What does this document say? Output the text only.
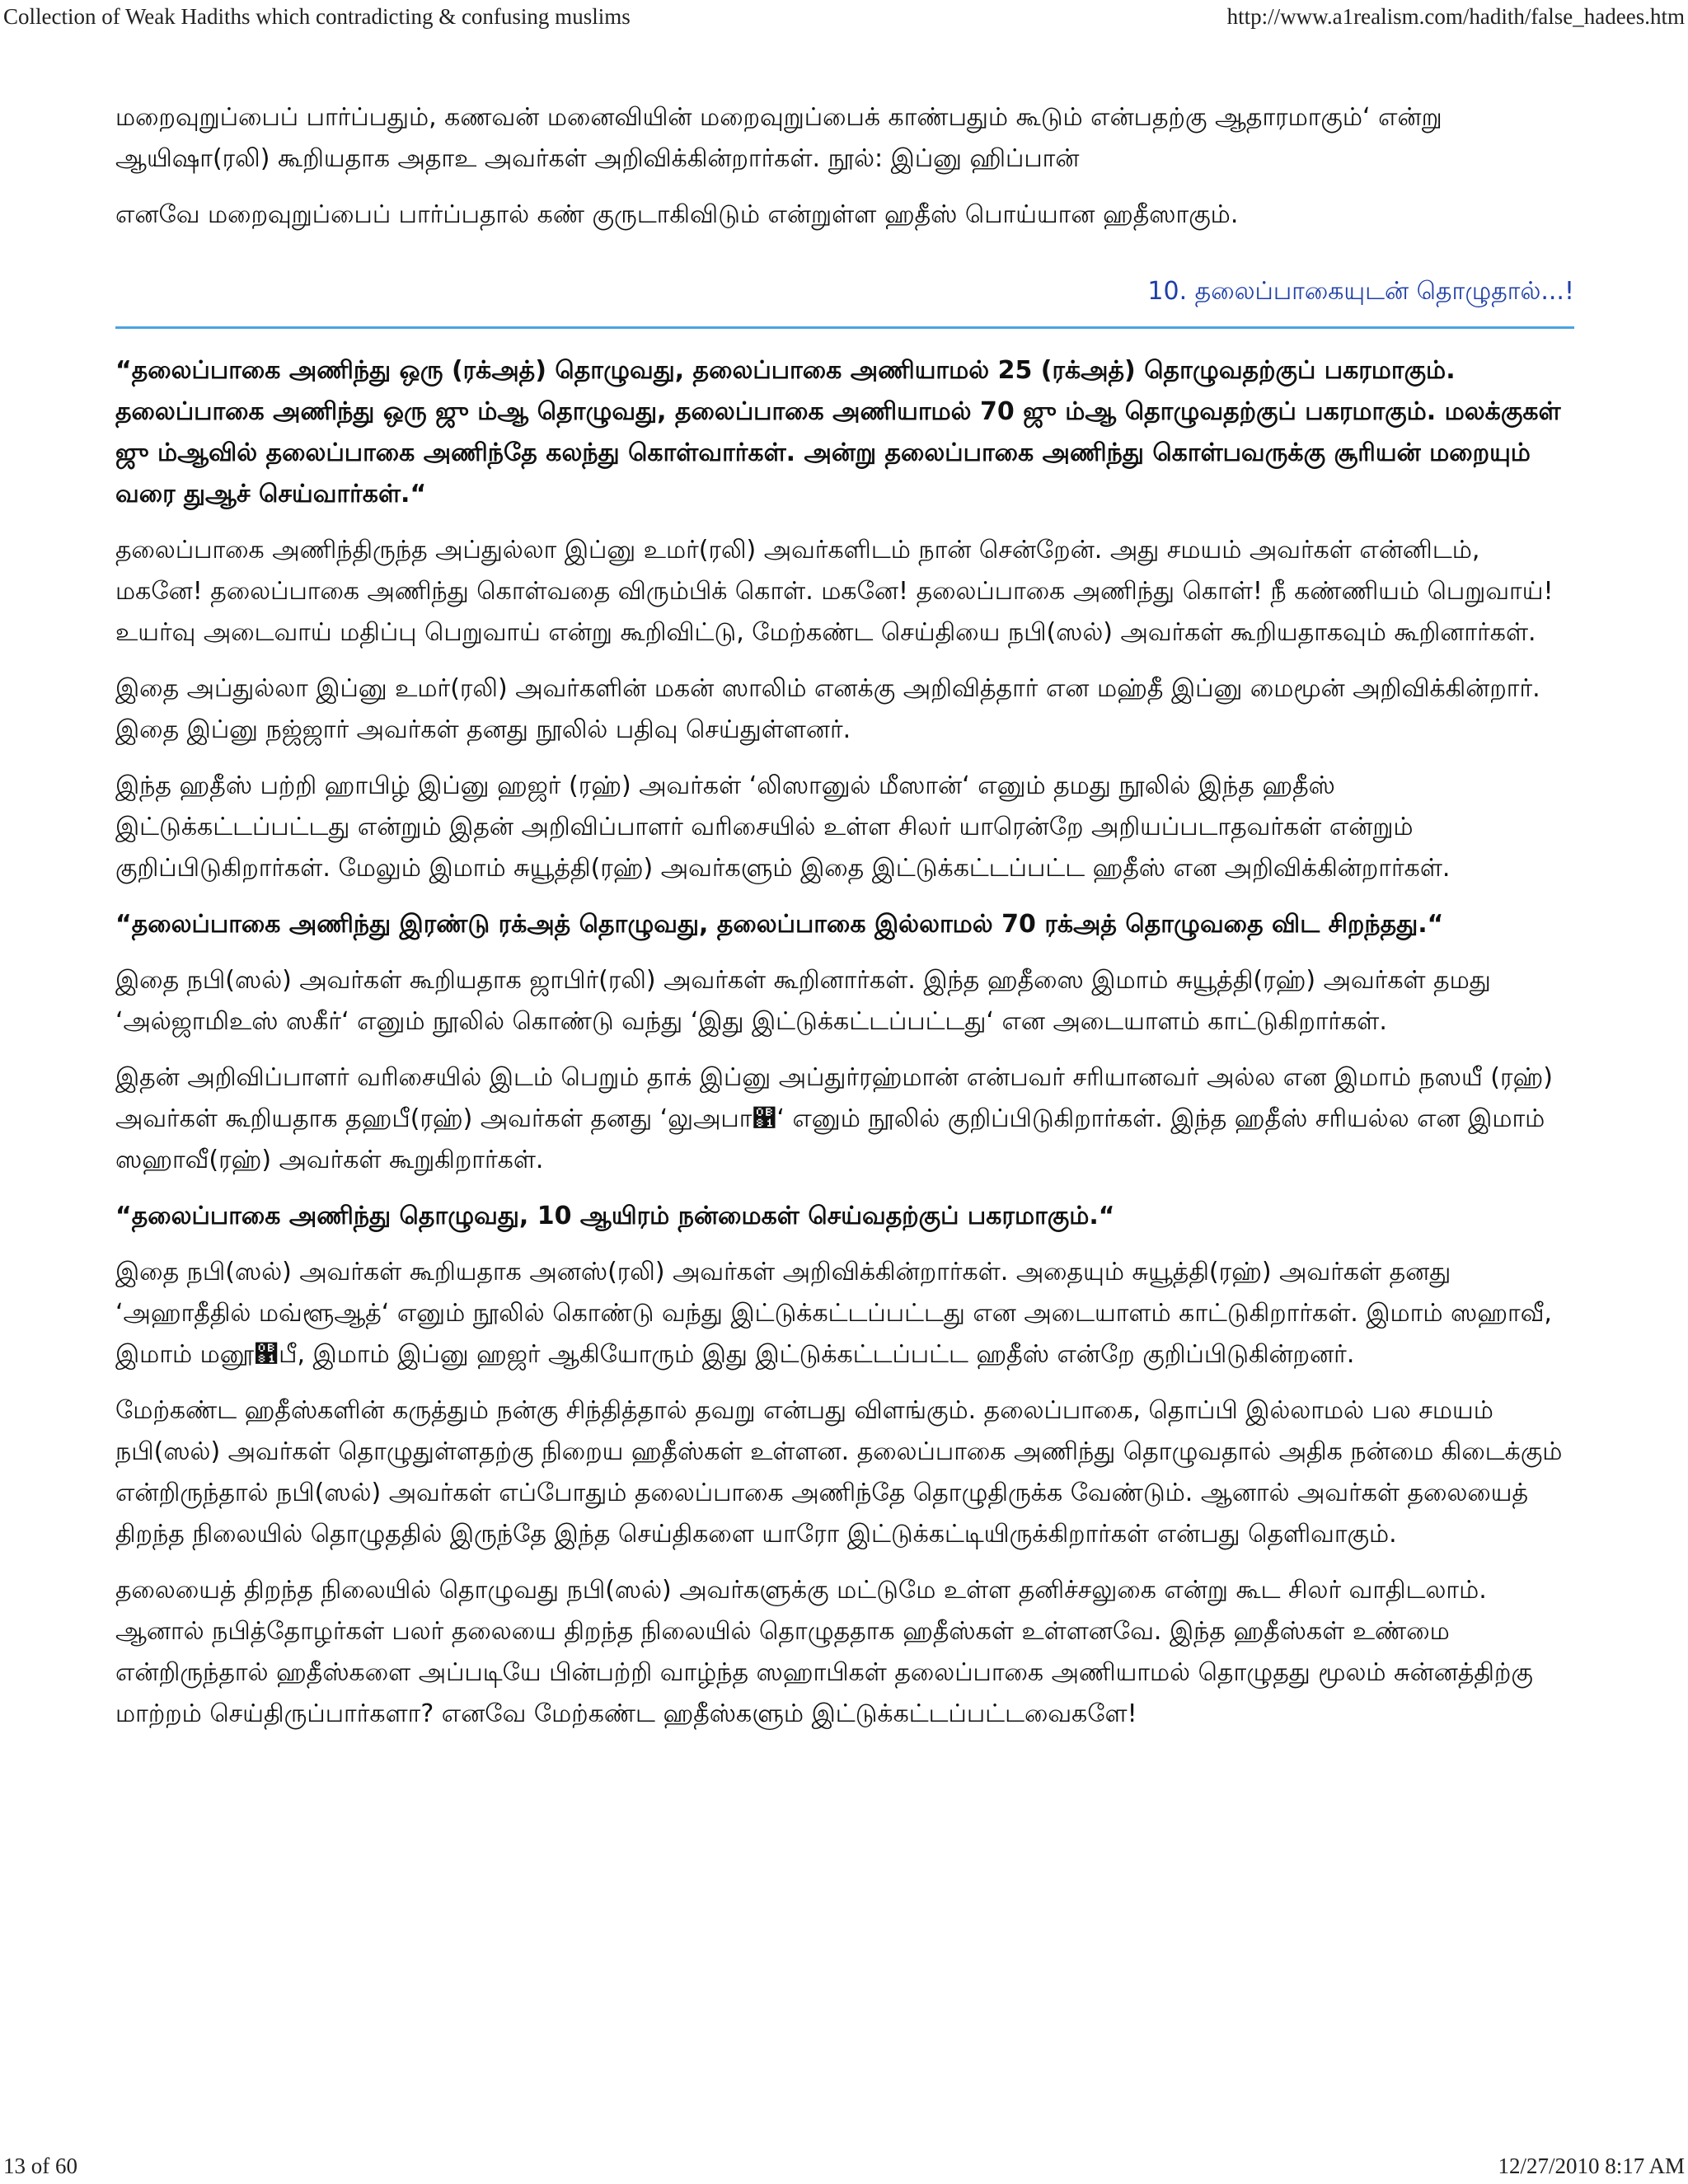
Collection of Weak Hadiths which contradicting & confusing muslims	http://www.a1realism.com/hadith/false_hadees.htm

மறைவுறுப்பைப் பார்ப்பதும், கணவன் மனைவியின் மறைவுறுப்பைக் காண்பதும் கூடும் என்பதற்கு ஆதாரமாகும்‘ என்று ஆயிஷா(ரலி) கூறியதாக அதாஉ அவர்கள் அறிவிக்கின்றார்கள். நூல்: இப்னு ஹிப்பான்

எனவே மறைவுறுப்பைப் பார்ப்பதால் கண் குருடாகிவிடும் என்றுள்ள ஹதீஸ் பொய்யான ஹதீஸாகும்.

10. தலைப்பாகையுடன் தொழுதால்...!

“தலைப்பாகை அணிந்து ஒரு (ரக்அத்) தொழுவது, தலைப்பாகை அணியாமல் 25 (ரக்அத்) தொழுவதற்குப் பகரமாகும். தலைப்பாகை அணிந்து ஒரு ஜு ம்ஆ தொழுவது, தலைப்பாகை அணியாமல் 70 ஜு ம்ஆ தொழுவதற்குப் பகரமாகும். மலக்குகள் ஜு ம்ஆவில் தலைப்பாகை அணிந்தே கலந்து கொள்வார்கள். அன்று தலைப்பாகை அணிந்து கொள்பவருக்கு சூரியன் மறையும் வரை துஆச் செய்வார்கள்.“

தலைப்பாகை அணிந்திருந்த அப்துல்லா இப்னு உமர்(ரலி) அவர்களிடம் நான் சென்றேன். அது சமயம் அவர்கள் என்னிடம், மகனே! தலைப்பாகை அணிந்து கொள்வதை விரும்பிக் கொள். மகனே! தலைப்பாகை அணிந்து கொள்! நீ கண்ணியம் பெறுவாய்! உயர்வு அடைவாய் மதிப்பு பெறுவாய் என்று கூறிவிட்டு, மேற்கண்ட செய்தியை நபி(ஸல்) அவர்கள் கூறியதாகவும் கூறினார்கள்.

இதை அப்துல்லா இப்னு உமர்(ரலி) அவர்களின் மகன் ஸாலிம் எனக்கு அறிவித்தார் என மஹ்தீ இப்னு மைமூன் அறிவிக்கின்றார். இதை இப்னு நஜ்ஜார் அவர்கள் தனது நூலில் பதிவு செய்துள்ளனர்.

இந்த ஹதீஸ் பற்றி ஹாபிழ் இப்னு ஹஜர் (ரஹ்) அவர்கள் ‘லிஸானுல் மீஸான்‘ எனும் தமது நூலில் இந்த ஹதீஸ் இட்டுக்கட்டப்பட்டது என்றும் இதன் அறிவிப்பாளர் வரிசையில் உள்ள சிலர் யாரென்றே அறியப்படாதவர்கள் என்றும் குறிப்பிடுகிறார்கள். மேலும் இமாம் சுயூத்தி(ரஹ்) அவர்களும் இதை இட்டுக்கட்டப்பட்ட ஹதீஸ் என அறிவிக்கின்றார்கள்.

“தலைப்பாகை அணிந்து இரண்டு ரக்அத் தொழுவது, தலைப்பாகை இல்லாமல் 70 ரக்அத் தொழுவதை விட சிறந்தது.“

இதை நபி(ஸல்) அவர்கள் கூறியதாக ஜாபிர்(ரலி) அவர்கள் கூறினார்கள். இந்த ஹதீஸை இமாம் சுயூத்தி(ரஹ்) அவர்கள் தமது ‘அல்ஜாமிஉஸ் ஸகீர்‘ எனும் நூலில் கொண்டு வந்து ‘இது இட்டுக்கட்டப்பட்டது‘ என அடையாளம் காட்டுகிறார்கள்.

இதன் அறிவிப்பாளர் வரிசையில் இடம் பெறும் தாக் இப்னு அப்துர்ரஹ்மான் என்பவர் சரியானவர் அல்ல என இமாம் நஸயீ (ரஹ்) அவர்கள் கூறியதாக தஹபீ(ரஹ்) அவர்கள் தனது ‘லுஅபா஁‘ எனும் நூலில் குறிப்பிடுகிறார்கள். இந்த ஹதீஸ் சரியல்ல என இமாம் ஸஹாவீ(ரஹ்) அவர்கள் கூறுகிறார்கள்.

“தலைப்பாகை அணிந்து தொழுவது, 10 ஆயிரம் நன்மைகள் செய்வதற்குப் பகரமாகும்.“

இதை நபி(ஸல்) அவர்கள் கூறியதாக அனஸ்(ரலி) அவர்கள் அறிவிக்கின்றார்கள். அதையும் சுயூத்தி(ரஹ்) அவர்கள் தனது ‘அஹாதீதில் மவ்ளூஆத்‘ எனும் நூலில் கொண்டு வந்து இட்டுக்கட்டப்பட்டது என அடையாளம் காட்டுகிறார்கள். இமாம் ஸஹாவீ, இமாம் மனூ஁பீ, இமாம் இப்னு ஹஜர் ஆகியோரும் இது இட்டுக்கட்டப்பட்ட ஹதீஸ் என்றே குறிப்பிடுகின்றனர்.

மேற்கண்ட ஹதீஸ்களின் கருத்தும் நன்கு சிந்தித்தால் தவறு என்பது விளங்கும். தலைப்பாகை, தொப்பி இல்லாமல் பல சமயம் நபி(ஸல்) அவர்கள் தொழுதுள்ளதற்கு நிறைய ஹதீஸ்கள் உள்ளன. தலைப்பாகை அணிந்து தொழுவதால் அதிக நன்மை கிடைக்கும் என்றிருந்தால் நபி(ஸல்) அவர்கள் எப்போதும் தலைப்பாகை அணிந்தே தொழுதிருக்க வேண்டும். ஆனால் அவர்கள் தலையைத் திறந்த நிலையில் தொழுததில் இருந்தே இந்த செய்திகளை யாரோ இட்டுக்கட்டியிருக்கிறார்கள் என்பது தெளிவாகும்.

தலையைத் திறந்த நிலையில் தொழுவது நபி(ஸல்) அவர்களுக்கு மட்டுமே உள்ள தனிச்சலுகை என்று கூட சிலர் வாதிடலாம். ஆனால் நபித்தோழர்கள் பலர் தலையை திறந்த நிலையில் தொழுததாக ஹதீஸ்கள் உள்ளனவே. இந்த ஹதீஸ்கள் உண்மை என்றிருந்தால் ஹதீஸ்களை அப்படியே பின்பற்றி வாழ்ந்த ஸஹாபிகள் தலைப்பாகை அணியாமல் தொழுதது மூலம் சுன்னத்திற்கு மாற்றம் செய்திருப்பார்களா? எனவே மேற்கண்ட ஹதீஸ்களும் இட்டுக்கட்டப்பட்டவைகளே!

13 of 60	12/27/2010 8:17 AM
